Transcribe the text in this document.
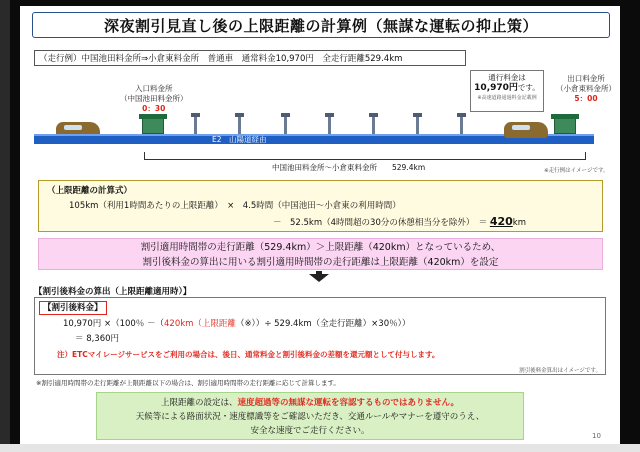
深夜割引見直し後の上限距離の計算例（無謀な運転の抑止策）
（走行例）中国池田料金所⇒小倉東料金所　普通車　通常料金10,970円　全走行距離529.4km
入口料金所
（中国池田料金所）
0：30
E2　山陽道経由
通行料金は
10,970円です。
※高速道路通過料金記載例
出口料金所
（小倉東料金所）
5：00
中国池田料金所～小倉東料金所　　529.4km	※走行例はイメージです。
（上限距離の計算式）
105km（利用1時間あたりの上限距離）　×　4.5時間（中国池田～小倉東の利用時間）
－　52.5km（4時間超の30分の休憩相当分を除外）　＝ 420km
割引適用時間帯の走行距離（529.4km）＞上限距離（420km）となっているため、
割引後料金の算出に用いる割引適用時間帯の走行距離は上限距離（420km）を設定
【割引後料金の算出（上限距離適用時）】
【割引後料金】
10,970円 ×（100％ －（420km（上限距離（※））÷ 529.4km（全走行距離）×30％））
＝ 8,360円
注）ETCマイレージサービスをご利用の場合は、後日、通常料金と割引後料金の差額を還元額として付与します。
割引後料金算出はイメージです。
※割引適用時間帯の走行距離が上限距離以下の場合は、割引適用時間帯の走行距離に応じて計算します。
上限距離の設定は、速度超過等の無謀な運転を容認するものではありません。
天候等による路面状況・速度標識等をご確認いただき、交通ルールやマナーを遵守のうえ、
安全な速度でご走行ください。	10
